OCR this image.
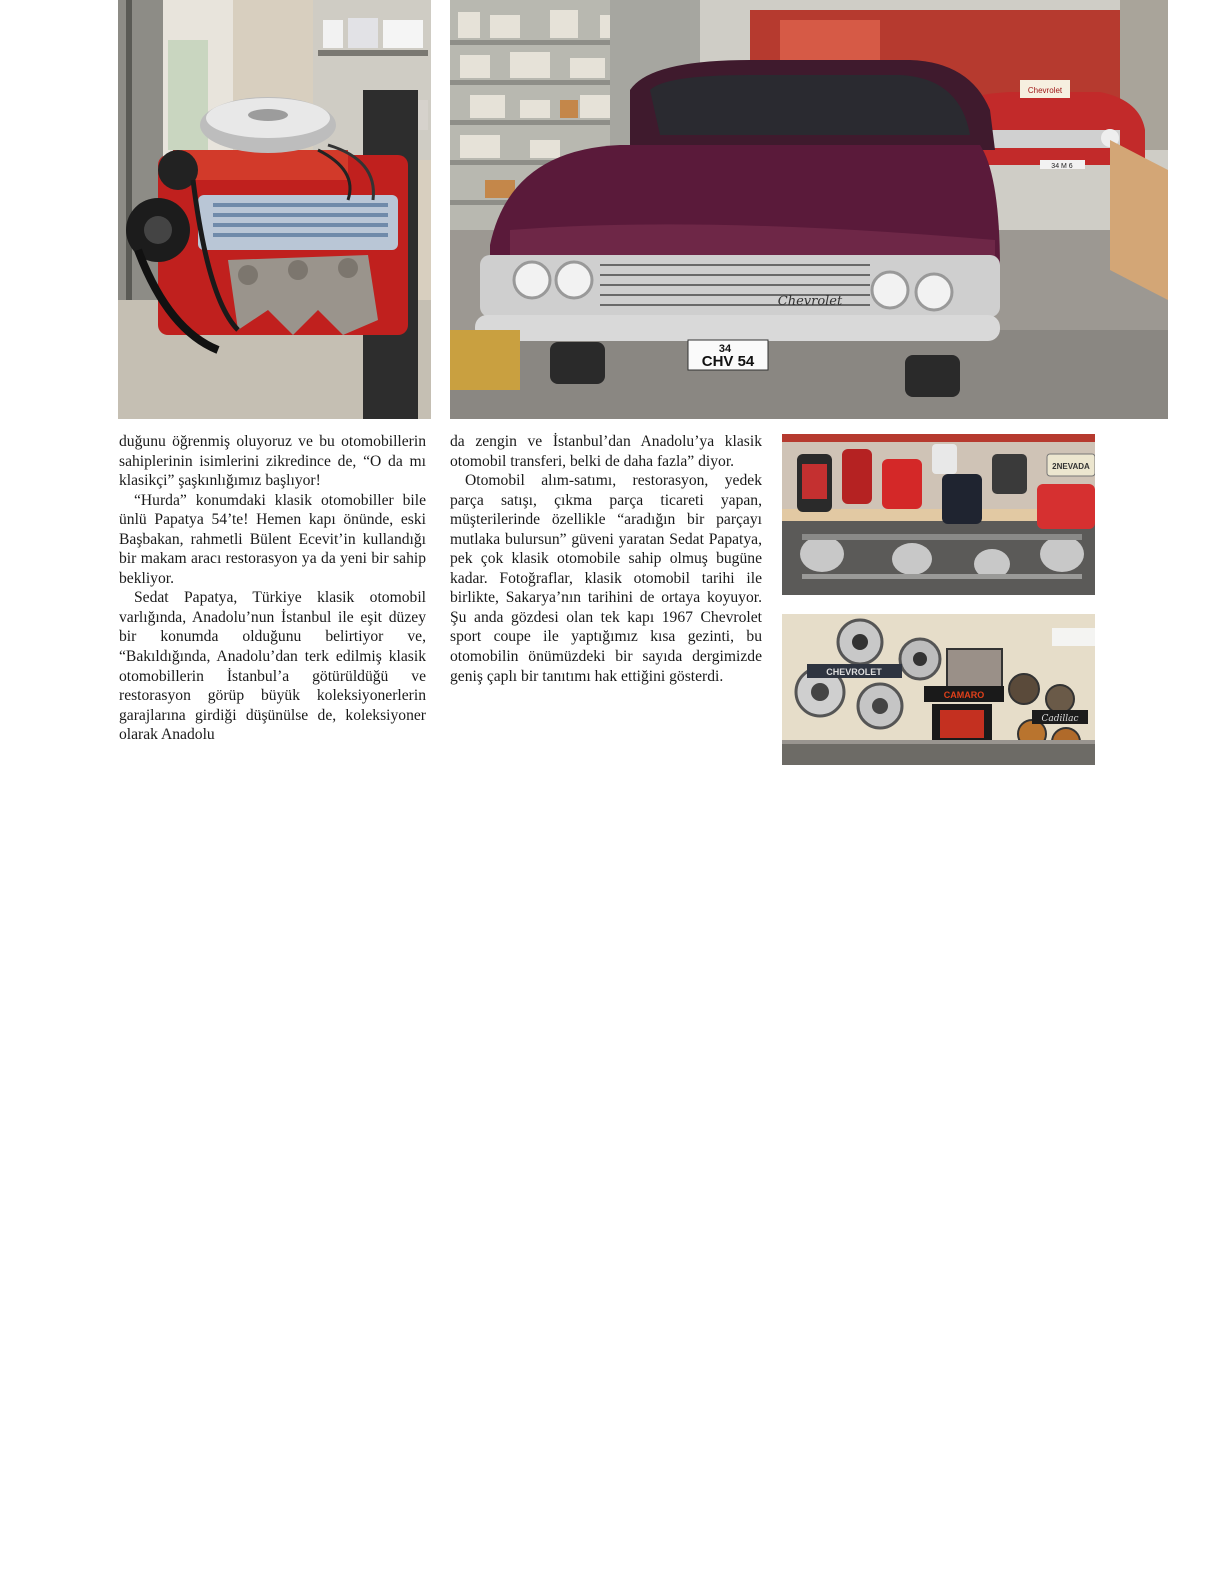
Chevrolet
34 M 6
Chevrolet
34
CHV 54
2NEVADA
CHEVROLET
CAMARO
Cadillac

duğunu öğrenmiş oluyoruz ve bu otomobillerin sahiplerinin isimlerini zikredince de, “O da mı klasikçi” şaşkınlığımız başlıyor!

“Hurda” konumdaki klasik otomobiller bile ünlü Papatya 54’te! Hemen kapı önünde, eski Başbakan, rahmetli Bülent Ecevit’in kullandığı bir makam aracı restorasyon ya da yeni bir sahip bekliyor.

Sedat Papatya, Türkiye klasik otomobil varlığında, Anadolu’nun İstanbul ile eşit düzey bir konumda olduğunu belirtiyor ve, “Bakıldığında, Anadolu’dan terk edilmiş klasik otomobillerin İstanbul’a götürüldüğü ve restorasyon görüp büyük koleksiyonerlerin garajlarına girdiği düşünülse de, koleksiyoner olarak Anadolu

da zengin ve İstanbul’dan Anadolu’ya klasik otomobil transferi, belki de daha fazla” diyor.

Otomobil alım-satımı, restorasyon, yedek parça satışı, çıkma parça ticareti yapan, müşterilerinde özellikle “aradığın bir parçayı mutlaka bulursun” güveni yaratan Sedat Papatya, pek çok klasik otomobile sahip olmuş bugüne kadar. Fotoğraflar, klasik otomobil tarihi ile birlikte, Sakarya’nın tarihini de ortaya koyuyor. Şu anda gözdesi olan tek kapı 1967 Chevrolet sport coupe ile yaptığımız kısa gezinti, bu otomobilin önümüzdeki bir sayıda dergimizde geniş çaplı bir tanıtımı hak ettiğini gösterdi.
